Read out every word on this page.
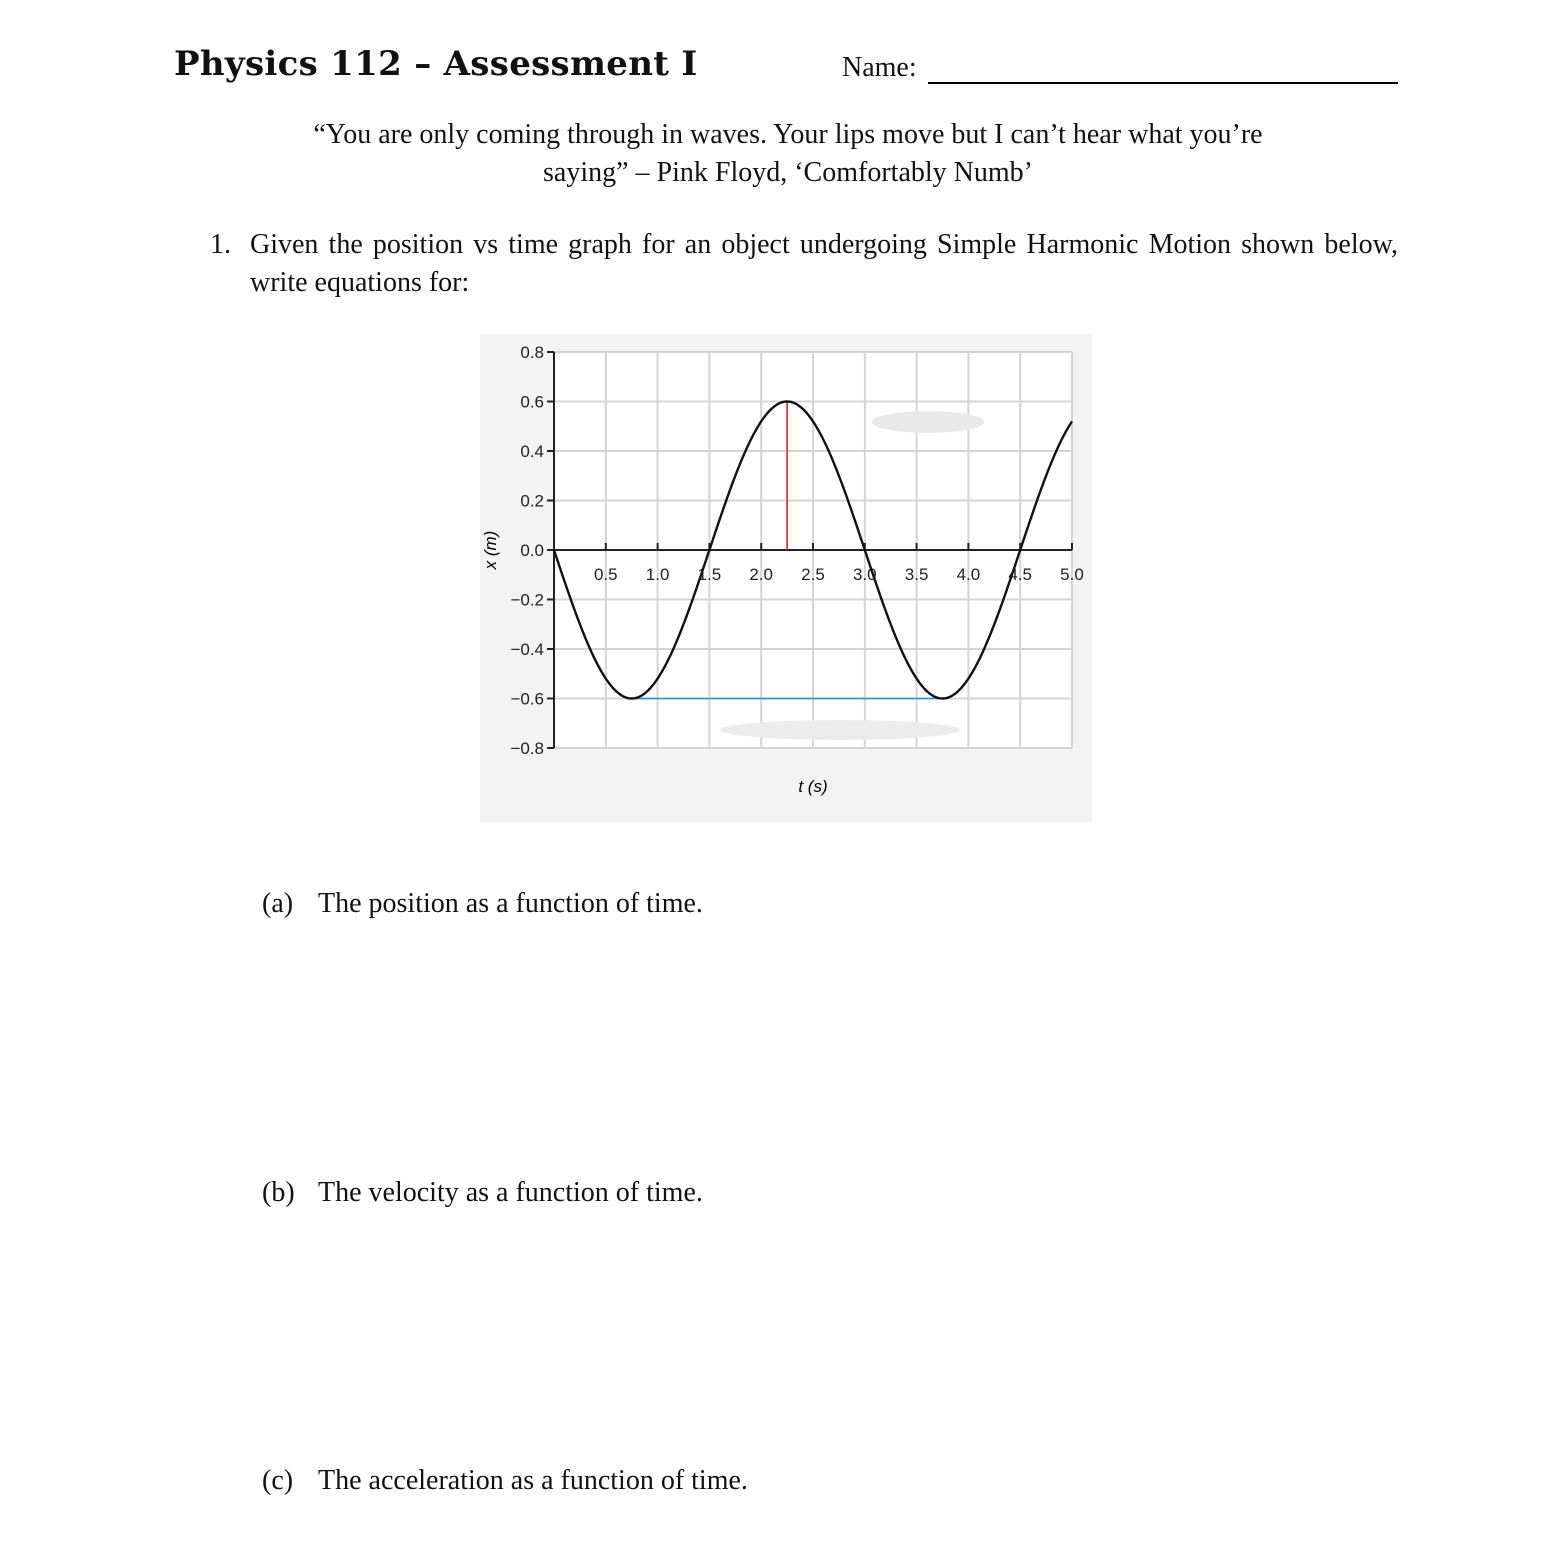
Physics 112 – Assessment I	Name:
“You are only coming through in waves. Your lips move but I can’t hear what you’re
saying” – Pink Floyd, ‘Comfortably Numb’
1. Given the position vs time graph for an object undergoing Simple Harmonic Motion shown below, write equations for:
0.8
0.6
0.4
0.2
0.0
−0.2
−0.4
−0.6
−0.8
0.5 1.0 1.5 2.0 2.5 3.0 3.5 4.0 4.5 5.0
t (s)
x (m)
(a) The position as a function of time.
(b) The velocity as a function of time.
(c) The acceleration as a function of time.
